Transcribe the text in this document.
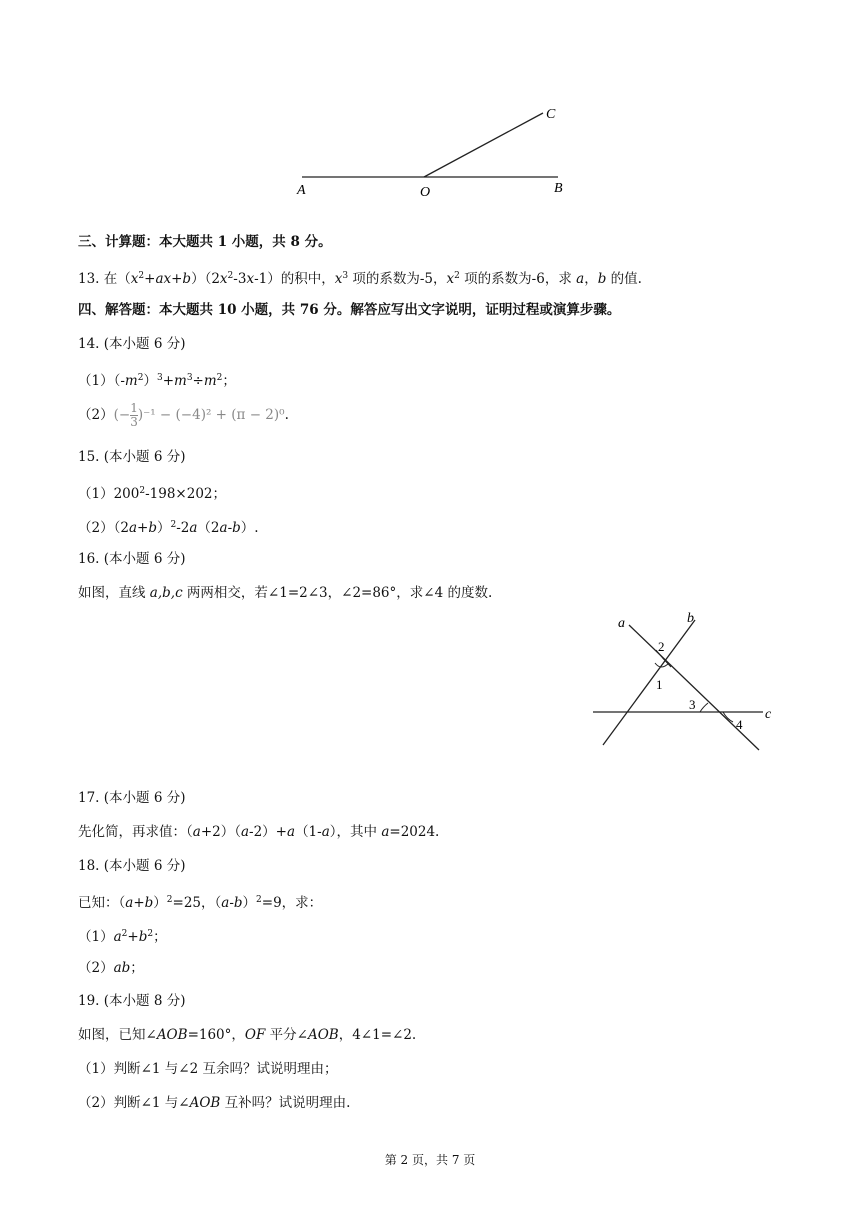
A	O	B
C
三、计算题：本大题共 1 小题，共 8 分。
13. 在$(x^2+ax+b)(2x^2-3x-1)$的积中，$x^3$ 项的系数为-5，$x^2$ 项的系数为-6，求 a，b 的值.
四、解答题：本大题共 10 小题，共 76 分。解答应写出文字说明，证明过程或演算步骤。
14. (本小题 6 分)
$(1)(-m^2)^3+m^3\div m^2$；
$(2)(- \frac{1}{3} )^{-1} - (-4)^2 + (\pi - 2)^0$.
15. (本小题 6 分)
$(1)200^2-198\times 202$；
$(2)(2a+b)^2-2a(2a-b)$.
16. (本小题 6 分)
如图，直线 a,b,c 两两相交，若∠1=2∠3，∠2=86°，求∠4 的度数.
a	b
c
2
1
3
4
17. (本小题 6 分)
先化简，再求值：（a+2）（a-2）+a（1-a），其中 a=2024.
18. (本小题 6 分)
已知：$(a+b)^2=25$，$(a-b)^2=9$，求：
$(1)a^2+b^2$；
（2）ab；
19. (本小题 8 分)
如图，已知∠AOB=160°，OF 平分∠AOB，4∠1=∠2.
（1）判断∠1 与∠2 互余吗？试说明理由；
（2）判断∠1 与∠AOB 互补吗？试说明理由.
第 2 页，共 7 页
